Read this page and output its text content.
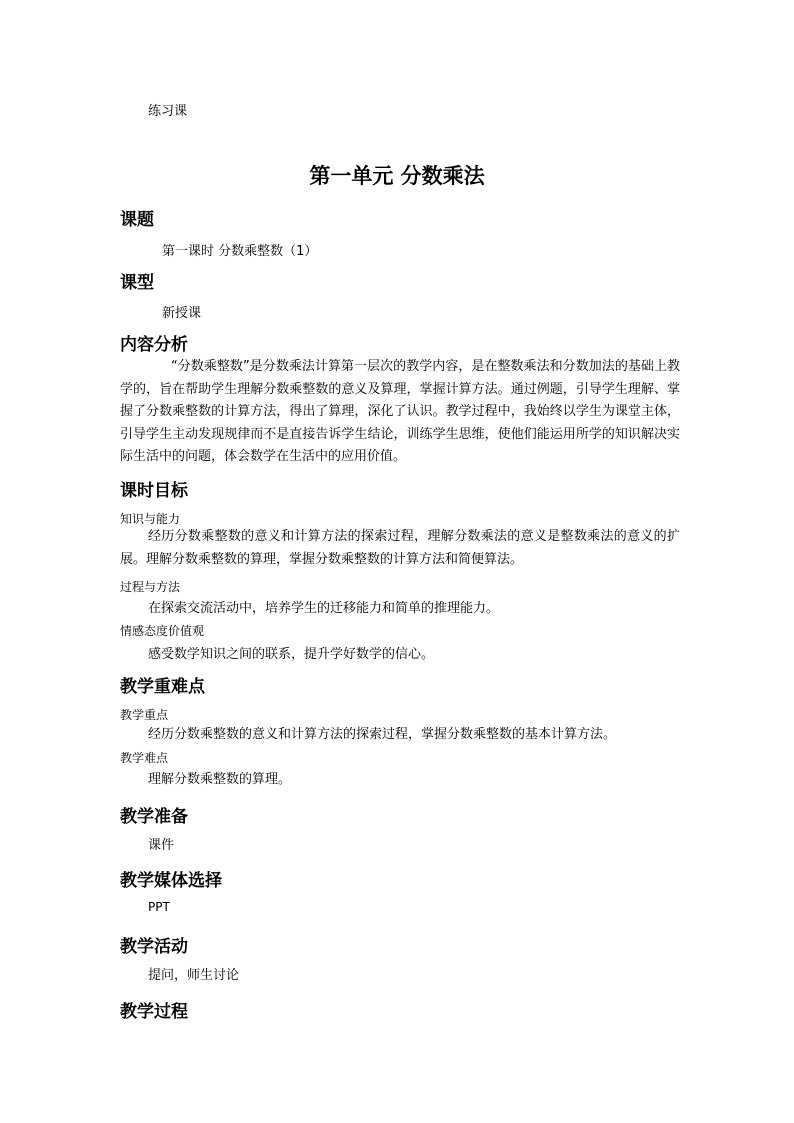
练习课
第一单元 分数乘法
课题
第一课时 分数乘整数（1）
课型
新授课
内容分析
“分数乘整数”是分数乘法计算第一层次的教学内容，是在整数乘法和分数加法的基础上教学的，旨在帮助学生理解分数乘整数的意义及算理，掌握计算方法。通过例题，引导学生理解、掌握了分数乘整数的计算方法，得出了算理，深化了认识。教学过程中，我始终以学生为课堂主体，引导学生主动发现规律而不是直接告诉学生结论，训练学生思维，使他们能运用所学的知识解决实际生活中的问题，体会数学在生活中的应用价值。
课时目标
知识与能力
经历分数乘整数的意义和计算方法的探索过程，理解分数乘法的意义是整数乘法的意义的扩展。理解分数乘整数的算理，掌握分数乘整数的计算方法和简便算法。
过程与方法
在探索交流活动中，培养学生的迁移能力和简单的推理能力。
情感态度价值观
感受数学知识之间的联系，提升学好数学的信心。
教学重难点
教学重点
经历分数乘整数的意义和计算方法的探索过程，掌握分数乘整数的基本计算方法。
教学难点
理解分数乘整数的算理。
教学准备
课件
教学媒体选择
PPT
教学活动
提问，师生讨论
教学过程
